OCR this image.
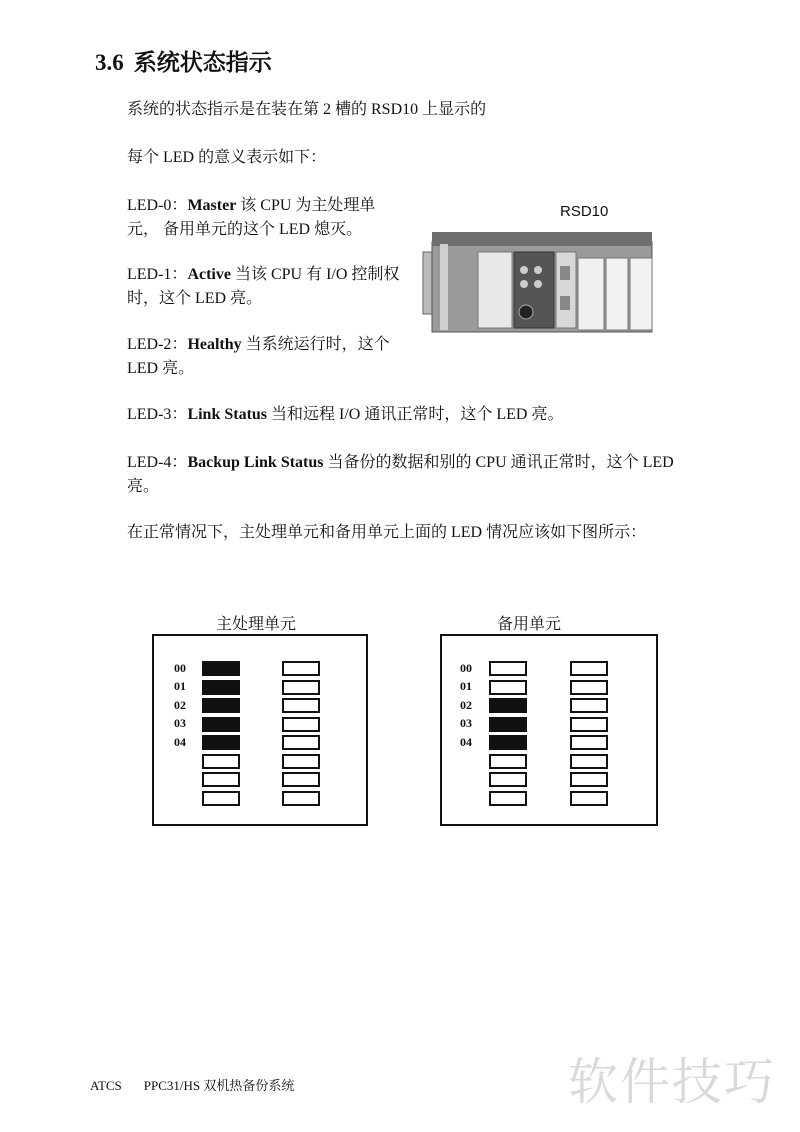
3.6 系统状态指示
系统的状态指示是在装在第 2 槽的 RSD10 上显示的
每个 LED 的意义表示如下：
LED-0：Master 该 CPU 为主处理单元， 备用单元的这个 LED 熄灭。
LED-1：Active 当该 CPU 有 I/O 控制权时，这个 LED 亮。
LED-2：Healthy 当系统运行时，这个 LED 亮。
RSD10
LED-3：Link Status 当和远程 I/O 通讯正常时，这个 LED 亮。
LED-4：Backup Link Status 当备份的数据和别的 CPU 通讯正常时，这个 LED 亮。
在正常情况下，主处理单元和备用单元上面的 LED 情况应该如下图所示：
主处理单元
00
01
02
03
04
备用单元
00
01
02
03
04
ATCS PPC31/HS 双机热备份系统	软件技巧
